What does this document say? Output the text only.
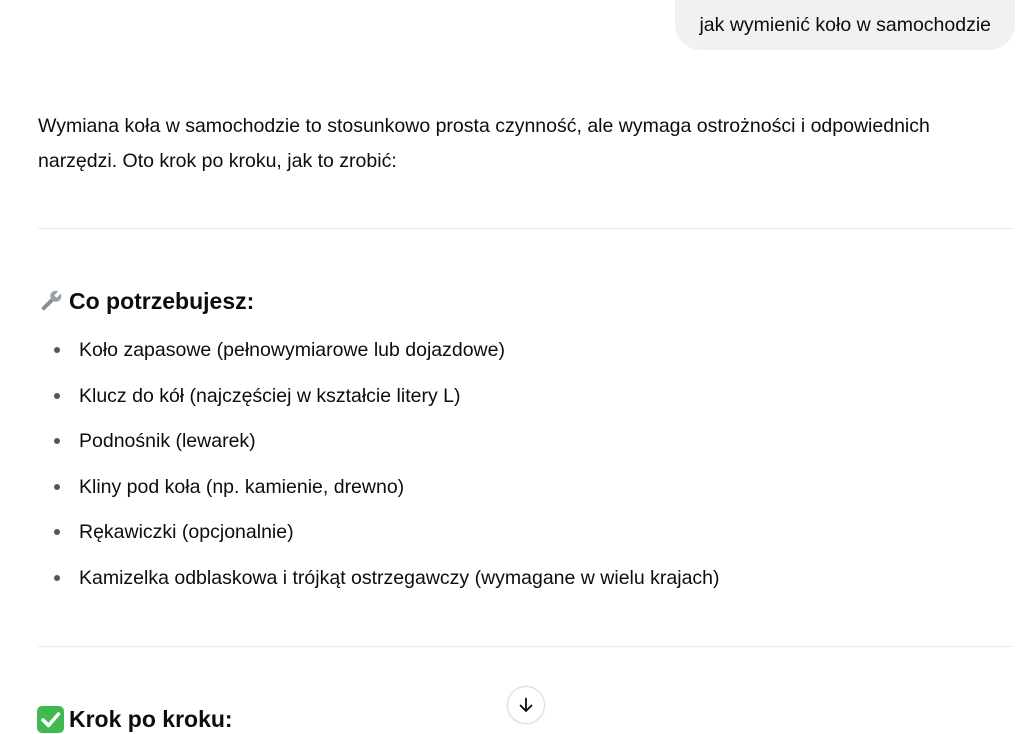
jak wymienić koło w samochodzie

Wymiana koła w samochodzie to stosunkowo prosta czynność, ale wymaga ostrożności i odpowiednich narzędzi. Oto krok po kroku, jak to zrobić:

Co potrzebujesz:
Koło zapasowe (pełnowymiarowe lub dojazdowe)
Klucz do kół (najczęściej w kształcie litery L)
Podnośnik (lewarek)
Kliny pod koła (np. kamienie, drewno)
Rękawiczki (opcjonalnie)
Kamizelka odblaskowa i trójkąt ostrzegawczy (wymagane w wielu krajach)
Krok po kroku:
